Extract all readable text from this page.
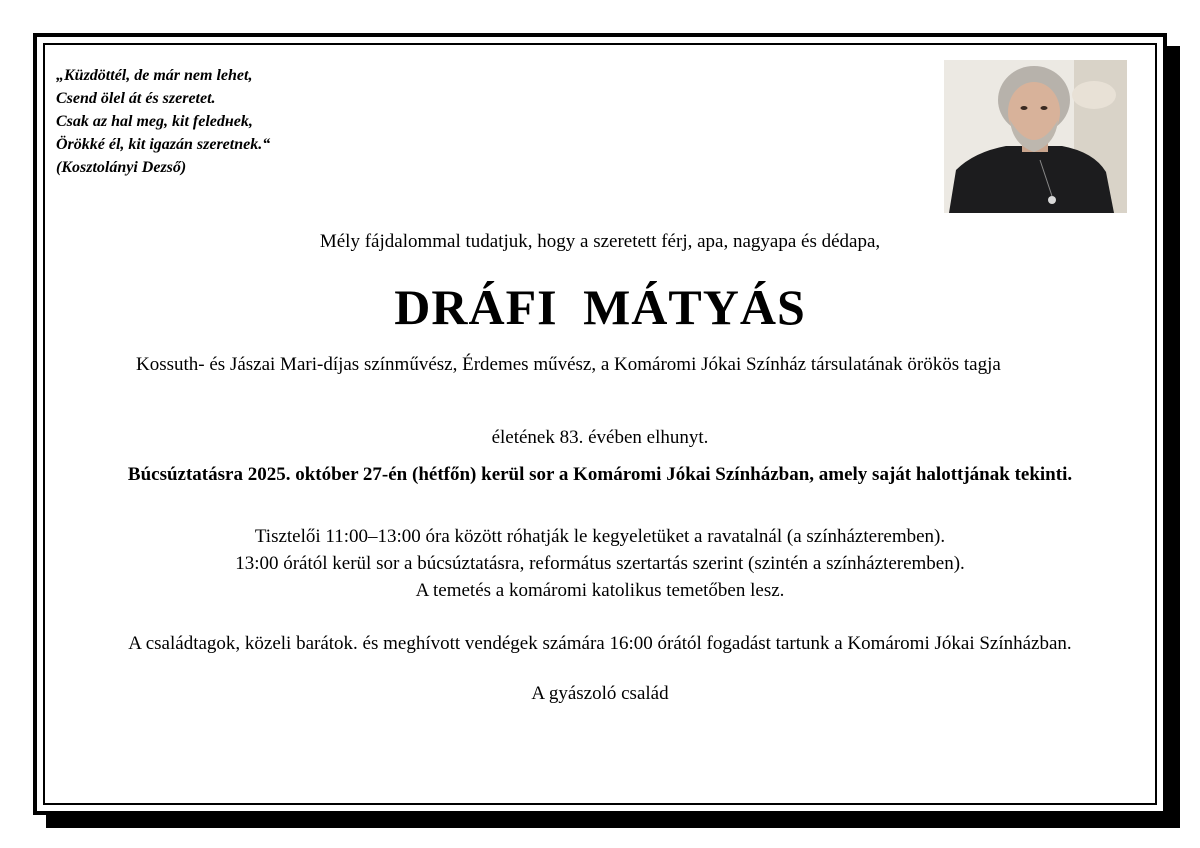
„Küzdöttél, de már nem lehet,
Csend ölel át és szeretet.
Csak az hal meg, kit feledнek,
Örökké él, kit igazán szeretnek.“
(Kosztolányi Dezső)
Mély fájdalommal tudatjuk, hogy a szeretett férj, apa, nagyapa és dédapa,
DRÁFI MÁTYÁS
Kossuth- és Jászai Mari-díjas színművész, Érdemes művész, a Komáromi Jókai Színház társulatának örökös tagja
életének 83. évében elhunyt.
Búcsúztatásra 2025. október 27-én (hétfőn) kerül sor a Komáromi Jókai Színházban, amely saját halottjának tekinti.
Tisztelői 11:00–13:00 óra között róhatják le kegyeletüket a ravatalnál (a színházteremben).
13:00 órától kerül sor a búcsúztatásra, református szertartás szerint (szintén a színházteremben).
A temetés a komáromi katolikus temetőben lesz.
A családtagok, közeli barátok. és meghívott vendégek számára 16:00 órától fogadást tartunk a Komáromi Jókai Színházban.
A gyászoló család
